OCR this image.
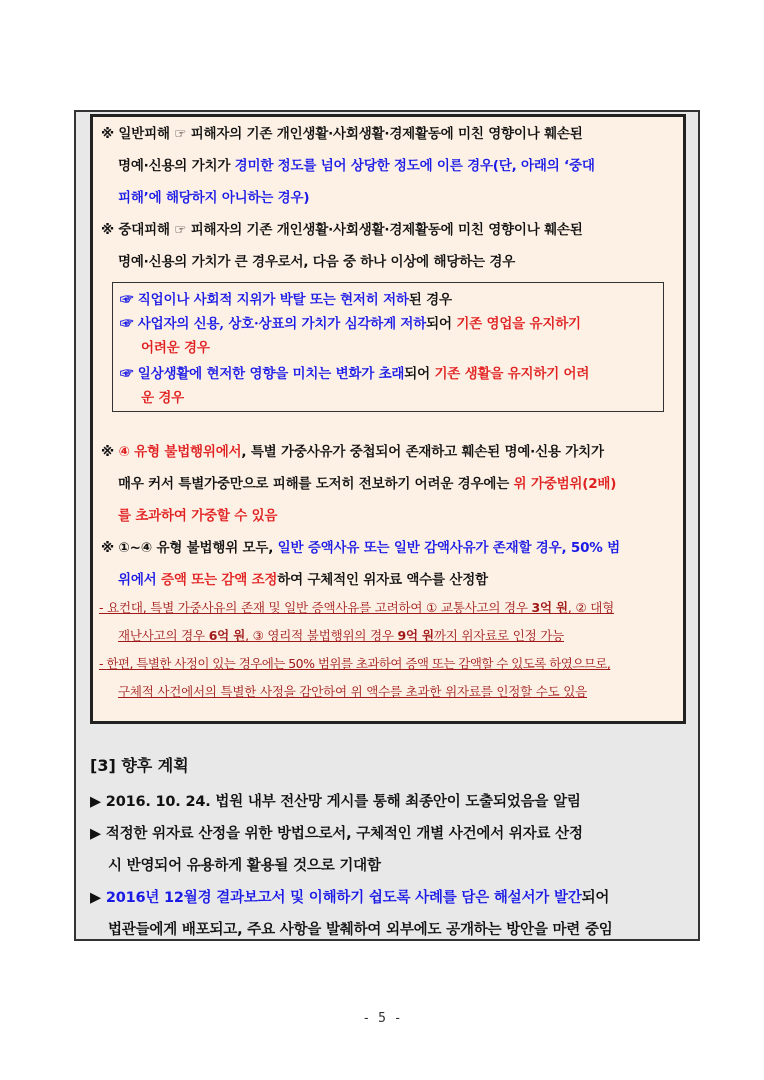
※ 일반피해 ☞ 피해자의 기존 개인생활·사회생활·경제활동에 미친 영향이나 훼손된
명예·신용의 가치가 경미한 정도를 넘어 상당한 정도에 이른 경우(단, 아래의 ‘중대
피해’에 해당하지 아니하는 경우)
※ 중대피해 ☞ 피해자의 기존 개인생활·사회생활·경제활동에 미친 영향이나 훼손된
명예·신용의 가치가 큰 경우로서, 다음 중 하나 이상에 해당하는 경우
☞ 직업이나 사회적 지위가 박탈 또는 현저히 저하된 경우
☞ 사업자의 신용, 상호·상표의 가치가 심각하게 저하되어 기존 영업을 유지하기
어려운 경우
☞ 일상생활에 현저한 영향을 미치는 변화가 초래되어 기존 생활을 유지하기 어려
운 경우
※ ④ 유형 불법행위에서, 특별 가중사유가 중첩되어 존재하고 훼손된 명예·신용 가치가
매우 커서 특별가중만으로 피해를 도저히 전보하기 어려운 경우에는 위 가중범위(2배)
를 초과하여 가중할 수 있음
※ ①~④ 유형 불법행위 모두, 일반 증액사유 또는 일반 감액사유가 존재할 경우, 50% 범
위에서 증액 또는 감액 조정하여 구체적인 위자료 액수를 산정함
- 요컨대, 특별 가중사유의 존재 및 일반 증액사유를 고려하여 ① 교통사고의 경우 3억 원, ② 대형
재난사고의 경우 6억 원, ③ 영리적 불법행위의 경우 9억 원까지 위자료로 인정 가능
- 한편, 특별한 사정이 있는 경우에는 50% 범위를 초과하여 증액 또는 감액할 수 있도록 하였으므로,
구체적 사건에서의 특별한 사정을 감안하여 위 액수를 초과한 위자료를 인정할 수도 있음
[3] 향후 계획
▶ 2016. 10. 24. 법원 내부 전산망 게시를 통해 최종안이 도출되었음을 알림
▶ 적정한 위자료 산정을 위한 방법으로서, 구체적인 개별 사건에서 위자료 산정
시 반영되어 유용하게 활용될 것으로 기대함
▶ 2016년 12월경 결과보고서 및 이해하기 쉽도록 사례를 담은 해설서가 발간되어
법관들에게 배포되고, 주요 사항을 발췌하여 외부에도 공개하는 방안을 마련 중임
- 5 -
